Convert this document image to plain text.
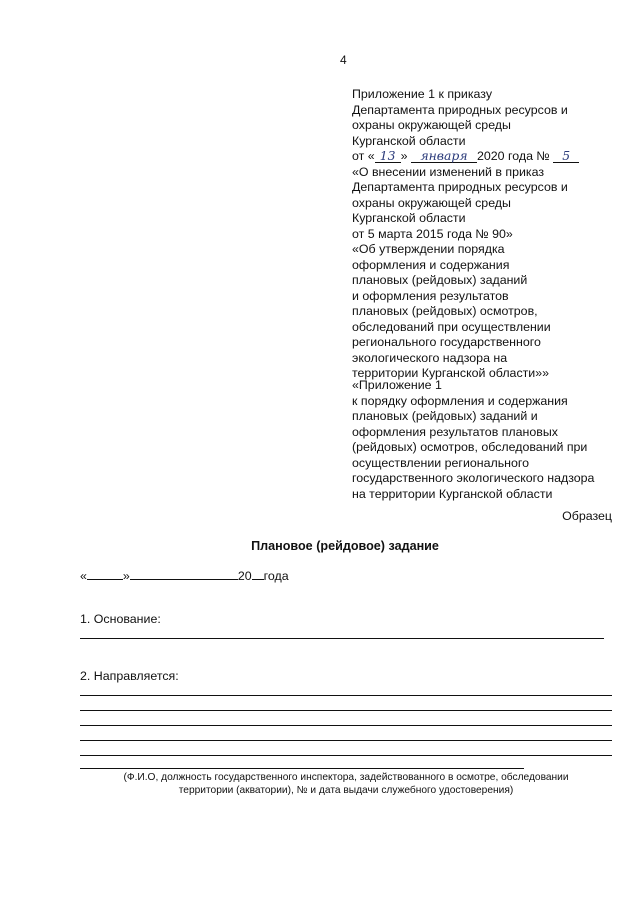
4
Приложение 1 к приказу
Департамента природных ресурсов и
охраны окружающей среды
Курганской области
от « 13 » января 2020 года № 5
«О внесении изменений в приказ
Департамента природных ресурсов и
охраны окружающей среды
Курганской области
от 5 марта 2015 года № 90»
«Об утверждении порядка
оформления и содержания
плановых (рейдовых) заданий
и оформления результатов
плановых (рейдовых) осмотров,
обследований при осуществлении
регионального государственного
экологического надзора на
территории Курганской области»»
«Приложение 1
к порядку оформления и содержания
плановых (рейдовых) заданий и
оформления результатов плановых
(рейдовых) осмотров, обследований при
осуществлении регионального
государственного экологического надзора
на территории Курганской области
Образец
Плановое (рейдовое) задание
«	»	20 года
1. Основание:
2. Направляется:
(Ф.И.О, должность государственного инспектора, задействованного в осмотре, обследовании
территории (акватории), № и дата выдачи служебного удостоверения)
